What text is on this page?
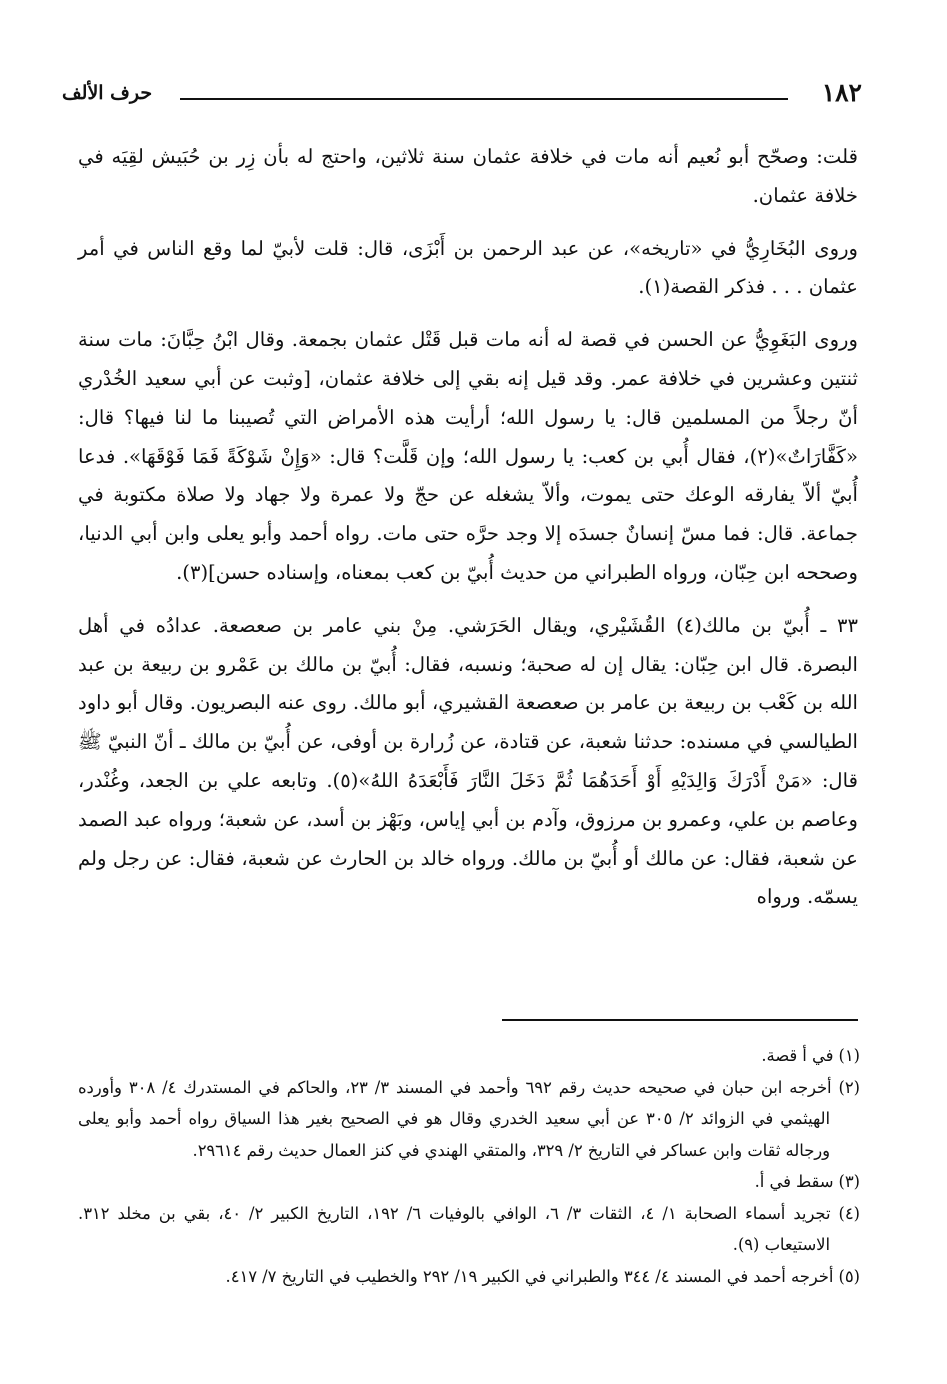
١٨٢
حرف الألف

قلت: وصحّح أبو نُعيم أنه مات في خلافة عثمان سنة ثلاثين، واحتج له بأن زِر بن حُبَيش لقِيَه في خلافة عثمان.

وروى البُخَارِيُّ في «تاريخه»، عن عبد الرحمن بن أَبْزَى، قال: قلت لأبيّ لما وقع الناس في أمر عثمان . . . فذكر القصة(١).

وروى البَغَوِيُّ عن الحسن في قصة له أنه مات قبل قَتْل عثمان بجمعة. وقال ابْنُ حِبَّانَ: مات سنة ثنتين وعشرين في خلافة عمر. وقد قيل إنه بقي إلى خلافة عثمان، [وثبت عن أبي سعيد الخُدْري أنّ رجلاً من المسلمين قال: يا رسول الله؛ أرأيت هذه الأمراض التي تُصيبنا ما لنا فيها؟ قال: «كَفَّارَاتٌ»(٢)، فقال أُبي بن كعب: يا رسول الله؛ وإن قَلَّت؟ قال: «وَإِنْ شَوْكَةً فَمَا فَوْقَهَا». فدعا أُبيّ ألاّ يفارقه الوعك حتى يموت، وألاّ يشغله عن حجّ ولا عمرة ولا جهاد ولا صلاة مكتوبة في جماعة. قال: فما مسّ إنسانٌ جسدَه إلا وجد حرَّه حتى مات. رواه أحمد وأبو يعلى وابن أبي الدنيا، وصححه ابن حِبّان، ورواه الطبراني من حديث أُبيّ بن كعب بمعناه، وإسناده حسن](٣).

٣٣ ـ أُبيّ بن مالك(٤) القُشَيْري، ويقال الحَرَشي. مِنْ بني عامر بن صعصعة. عدادُه في أهل البصرة. قال ابن حِبّان: يقال إن له صحبة؛ ونسبه، فقال: أُبيّ بن مالك بن عَمْرو بن ربيعة بن عبد الله بن كَعْب بن ربيعة بن عامر بن صعصعة القشيري، أبو مالك. روى عنه البصريون. وقال أبو داود الطيالسي في مسنده: حدثنا شعبة، عن قتادة، عن زُرارة بن أوفى، عن أُبيّ بن مالك ـ أنّ النبيّ ﷺ قال: «مَنْ أَدْرَكَ وَالِدَيْهِ أَوْ أَحَدَهُمَا ثُمَّ دَخَلَ النَّارَ فَأَبْعَدَهُ اللهُ»(٥). وتابعه علي بن الجعد، وغُنْدر، وعاصم بن علي، وعمرو بن مرزوق، وآدم بن أبي إياس، وبَهْز بن أسد، عن شعبة؛ ورواه عبد الصمد عن شعبة، فقال: عن مالك أو أُبيّ بن مالك. ورواه خالد بن الحارث عن شعبة، فقال: عن رجل ولم يسمّه. ورواه

(١) في أ قصة.

(٢) أخرجه ابن حبان في صحيحه حديث رقم ٦٩٢ وأحمد في المسند ٣/ ٢٣، والحاكم في المستدرك ٤/ ٣٠٨ وأورده الهيثمي في الزوائد ٢/ ٣٠٥ عن أبي سعيد الخدري وقال هو في الصحيح بغير هذا السياق رواه أحمد وأبو يعلى ورجاله ثقات وابن عساكر في التاريخ ٢/ ٣٢٩، والمتقي الهندي في كنز العمال حديث رقم ٢٩٦١٤.

(٣) سقط في أ.

(٤) تجريد أسماء الصحابة ١/ ٤، الثقات ٣/ ٦، الوافي بالوفيات ٦/ ١٩٢، التاريخ الكبير ٢/ ٤٠، بقي بن مخلد ٣١٢. الاستيعاب (٩).

(٥) أخرجه أحمد في المسند ٤/ ٣٤٤ والطبراني في الكبير ١٩/ ٢٩٢ والخطيب في التاريخ ٧/ ٤١٧.
